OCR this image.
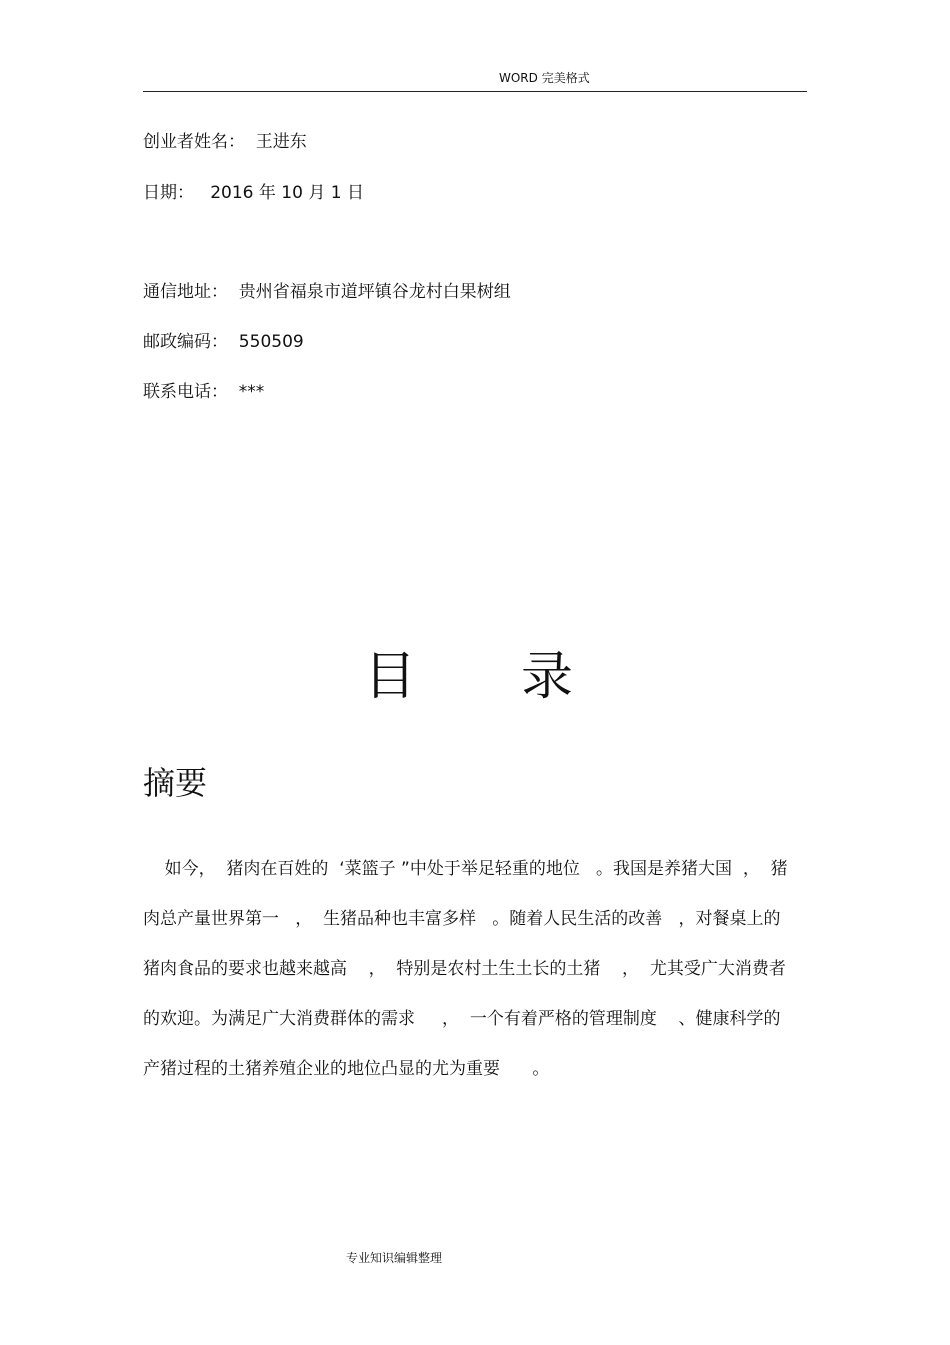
WORD 完美格式
创业者姓名：  王进东
日期：   2016 年 10 月 1 日
通信地址：  贵州省福泉市道坪镇谷龙村白果树组
邮政编码：  550509
联系电话：  ***
目 录
摘要
如今，  猪肉在百姓的  ‘菜篮子 ”中处于举足轻重的地位   。我国是养猪大国  ，  猪
肉总产量世界第一   ，  生猪品种也丰富多样   。随着人民生活的改善   ，对餐桌上的
猪肉食品的要求也越来越高    ，  特别是农村土生土长的土猪    ，  尤其受广大消费者
的欢迎。为满足广大消费群体的需求     ，  一个有着严格的管理制度    、健康科学的
产猪过程的土猪养殖企业的地位凸显的尤为重要      。
专业知识编辑整理
